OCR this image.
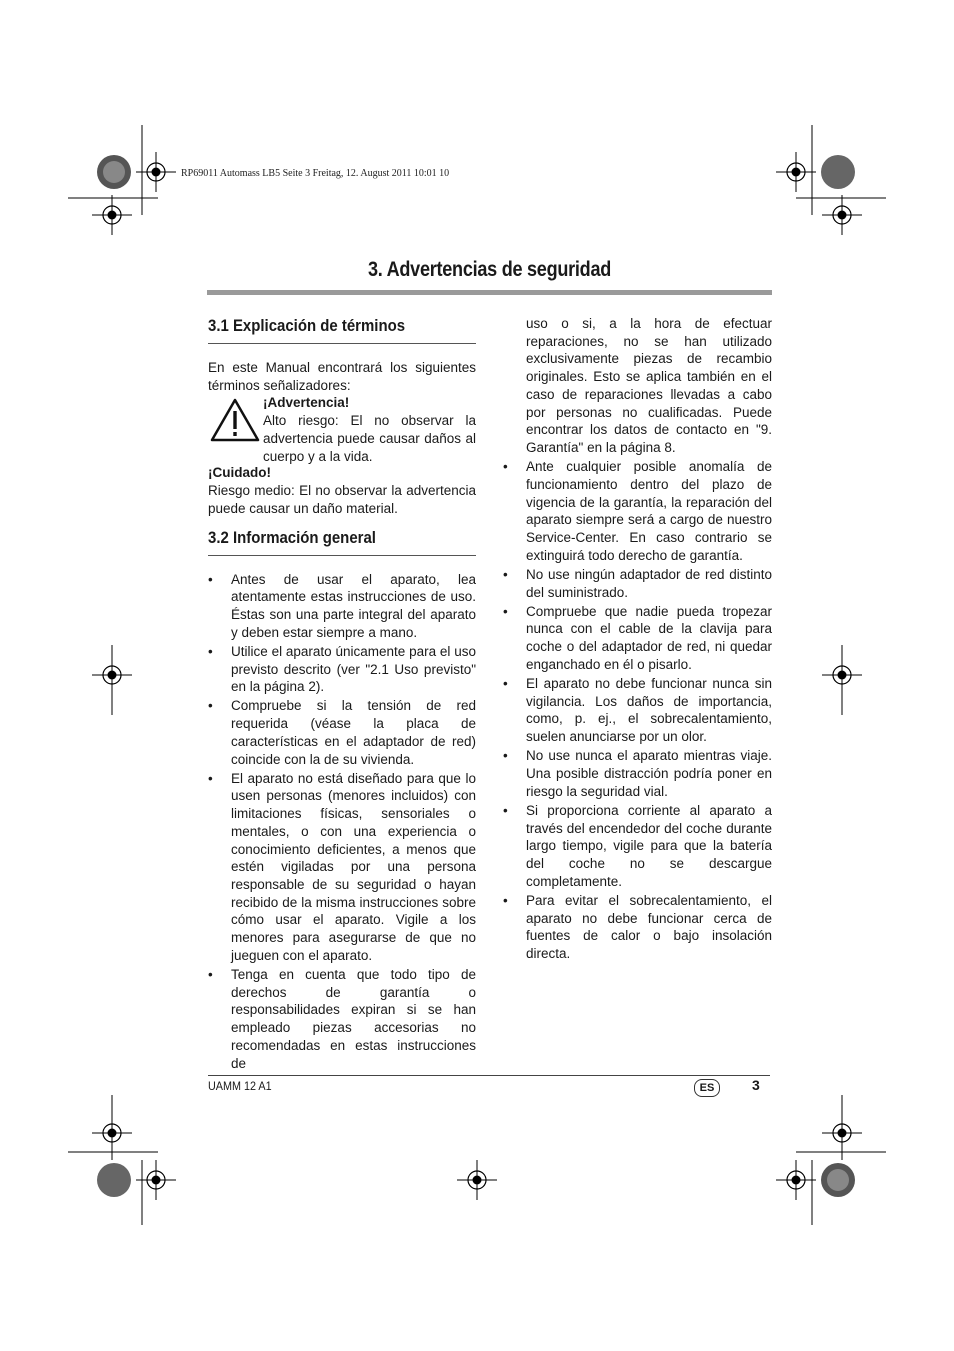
RP69011 Automass LB5 Seite 3 Freitag, 12. August 2011 10:01 10
3. Advertencias de seguridad
3.1 Explicación de términos

En este Manual encontrará los siguientes términos señalizadores:

¡Advertencia!

Alto riesgo: El no observar la advertencia puede causar daños al cuerpo y a la vida.

¡Cuidado!

Riesgo medio: El no observar la advertencia puede causar un daño material.

3.2 Información general
• Antes de usar el aparato, lea atentamente estas instrucciones de uso. Éstas son una parte integral del aparato y deben estar siempre a mano.
• Utilice el aparato únicamente para el uso previsto descrito (ver "2.1 Uso previsto" en la página 2).
• Compruebe si la tensión de red requerida (véase la placa de características en el adaptador de red) coincide con la de su vivienda.
• El aparato no está diseñado para que lo usen personas (menores incluidos) con limitaciones físicas, sensoriales o mentales, o con una experiencia o conocimiento deficientes, a menos que estén vigiladas por una persona responsable de su seguridad o hayan recibido de la misma instrucciones sobre cómo usar el aparato. Vigile a los menores para asegurarse de que no jueguen con el aparato.
• Tenga en cuenta que todo tipo de derechos de garantía o responsabilidades expiran si se han empleado piezas accesorias no recomendadas en estas instrucciones de

uso o si, a la hora de efectuar reparaciones, no se han utilizado exclusivamente piezas de recambio originales. Esto se aplica también en el caso de reparaciones llevadas a cabo por personas no cualificadas. Puede encontrar los datos de contacto en "9. Garantía" en la página 8.

• Ante cualquier posible anomalía de funcionamiento dentro del plazo de vigencia de la garantía, la reparación del aparato siempre será a cargo de nuestro Service-Center. En caso contrario se extinguirá todo derecho de garantía.
• No use ningún adaptador de red distinto del suministrado.
• Compruebe que nadie pueda tropezar nunca con el cable de la clavija para coche o del adaptador de red, ni quedar enganchado en él o pisarlo.
• El aparato no debe funcionar nunca sin vigilancia. Los daños de importancia, como, p. ej., el sobrecalentamiento, suelen anunciarse por un olor.
• No use nunca el aparato mientras viaje. Una posible distracción podría poner en riesgo la seguridad vial.
• Si proporciona corriente al aparato a través del encendedor del coche durante largo tiempo, vigile para que la batería del coche no se descargue completamente.
• Para evitar el sobrecalentamiento, el aparato no debe funcionar cerca de fuentes de calor o bajo insolación directa.
UAMM 12 A1	ES	3
